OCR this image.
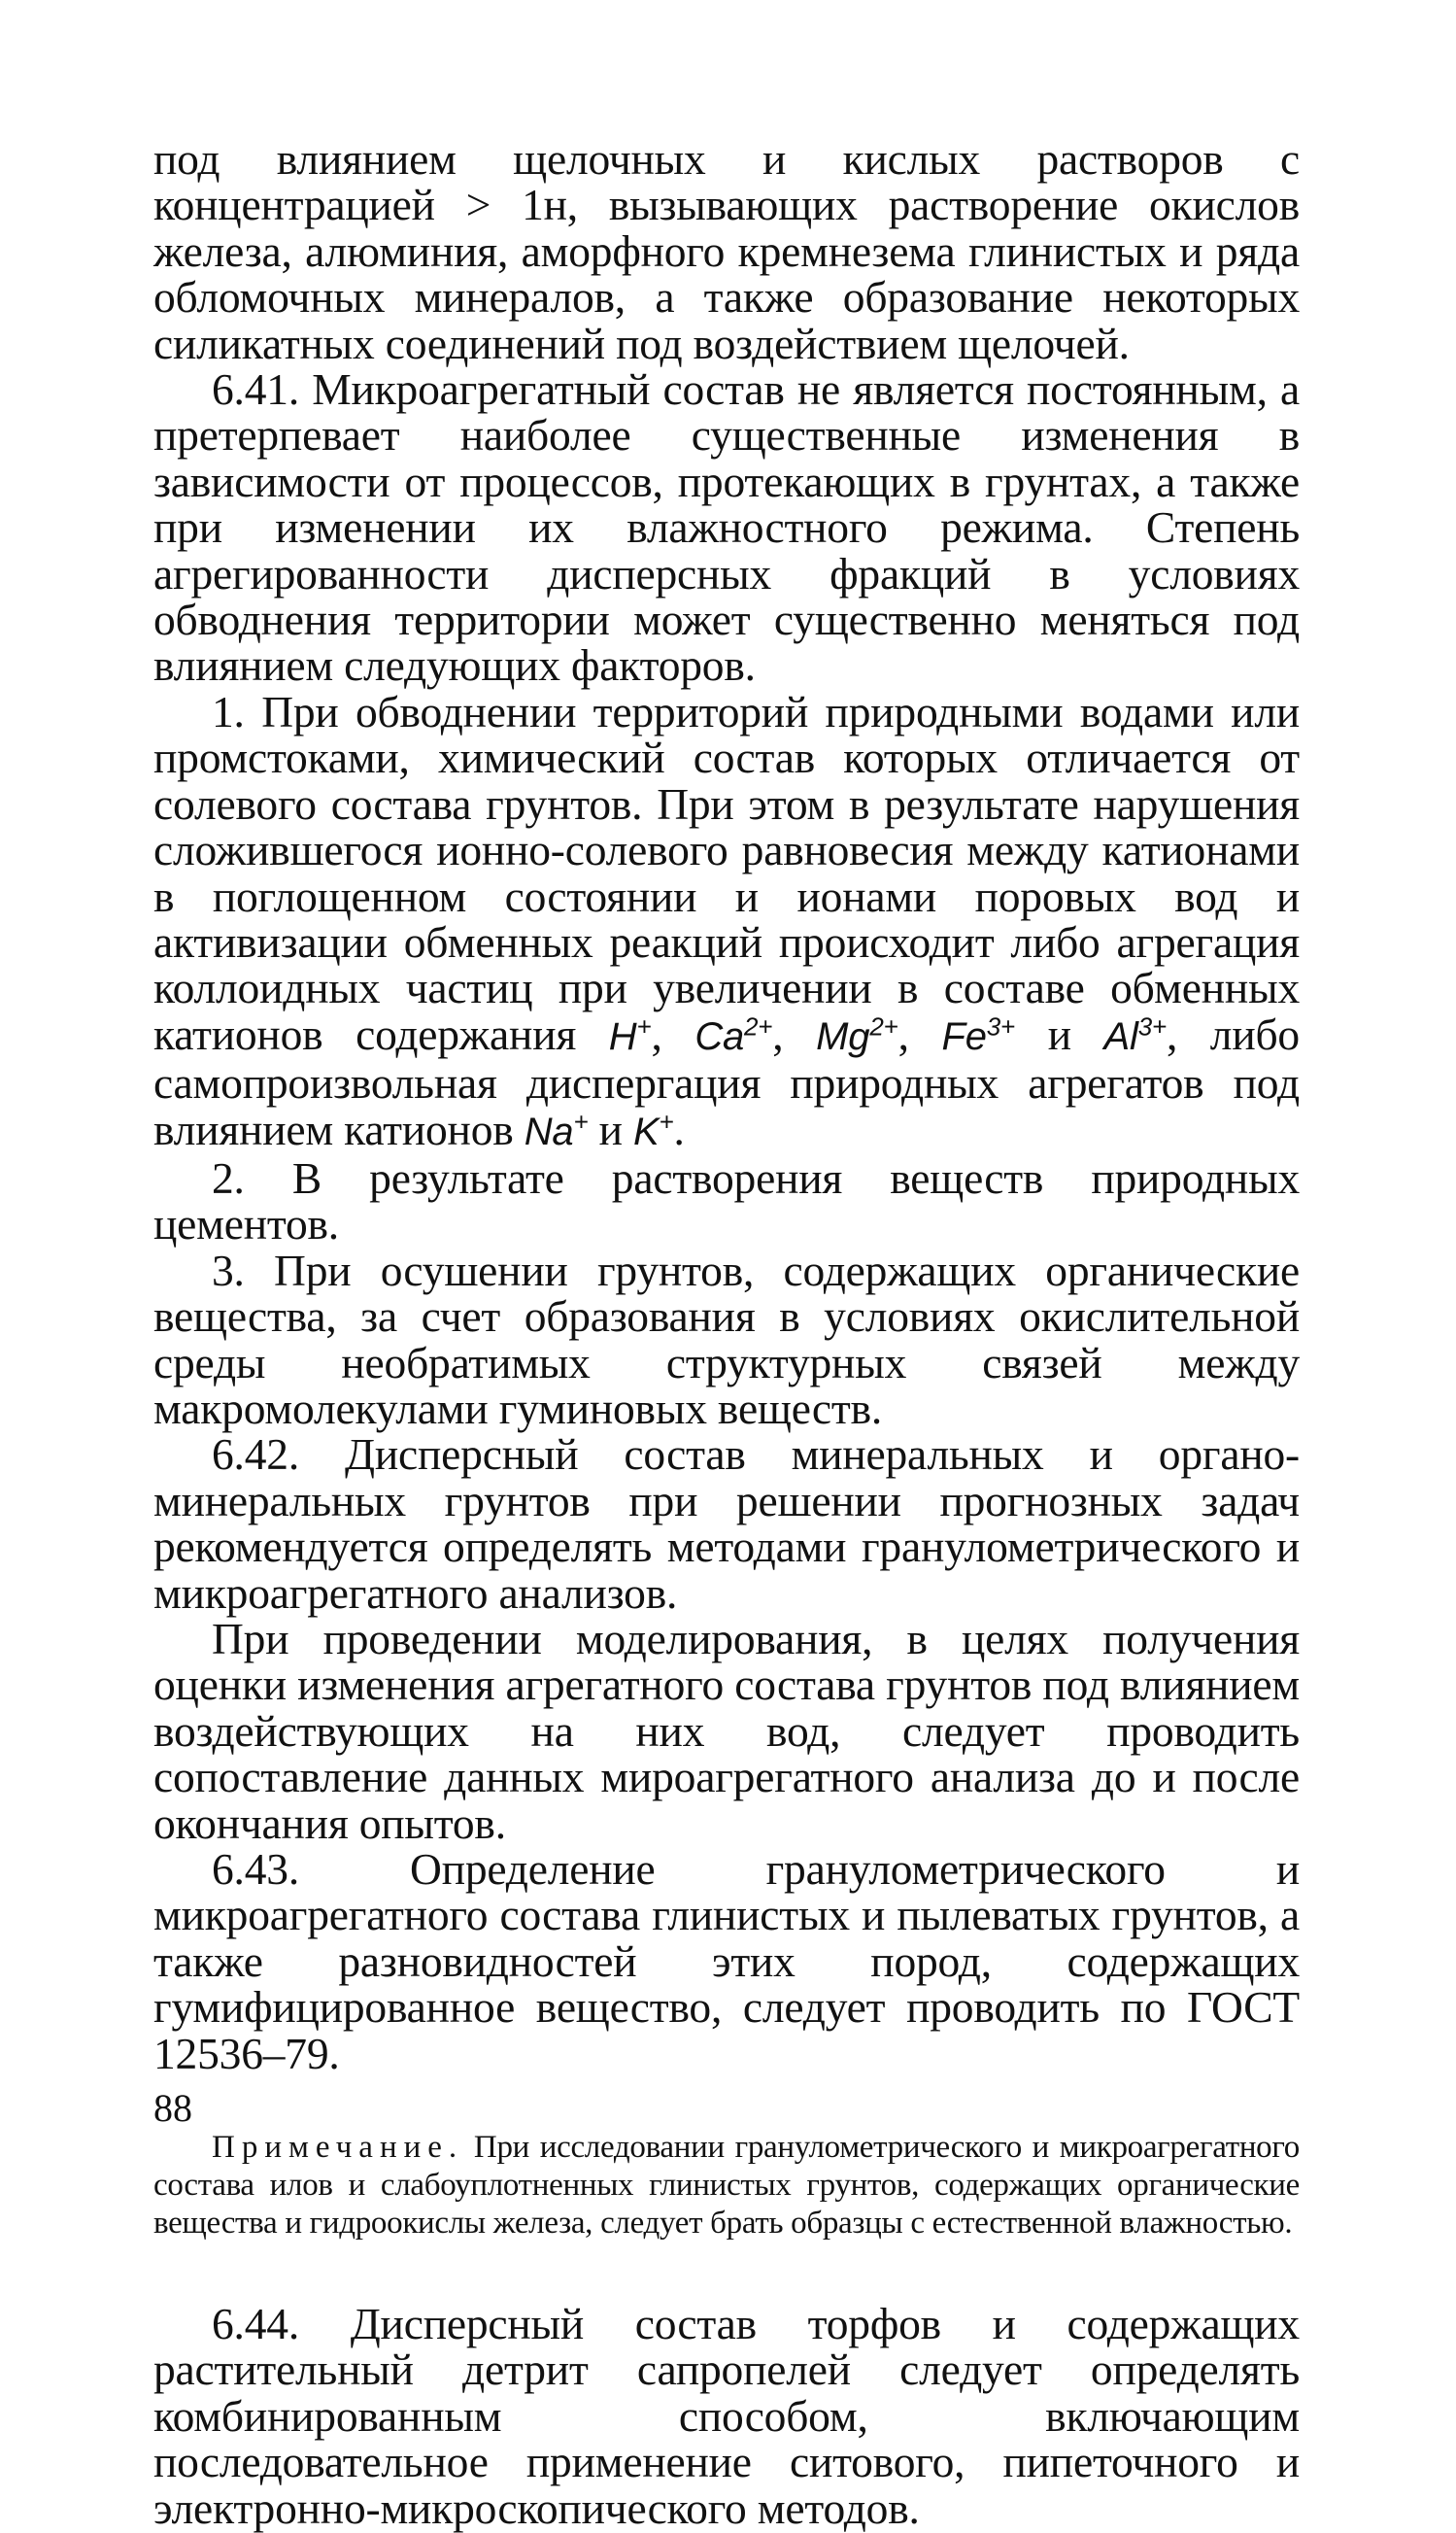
под влиянием щелочных и кислых растворов с концентрацией > 1н, вызывающих растворение окислов железа, алюминия, аморфного кремнезема глинистых и ряда обломочных минералов, а также образование некоторых силикатных соединений под воздействием щелочей.

6.41. Микроагрегатный состав не является постоянным, а претерпевает наиболее существенные изменения в зависимости от процессов, протекающих в грунтах, а также при изменении их влажностного режима. Степень агрегированности дисперсных фракций в условиях обводнения территории может существенно меняться под влиянием следующих факторов.

1. При обводнении территорий природными водами или промстоками, химический состав которых отличается от солевого состава грунтов. При этом в результате нарушения сложившегося ионно-солевого равновесия между катионами в поглощенном состоянии и ионами поровых вод и активизации обменных реакций происходит либо агрегация коллоидных частиц при увеличении в составе обменных катионов содержания H+, $Ca^{2+}$, $Mg^{2+}$, $Fe^{3+}$ и $Al^{3+}$, либо самопроизвольная диспергация природных агрегатов под влиянием катионов Na+ и K+.

2. В результате растворения веществ природных цементов.

3. При осушении грунтов, содержащих органические вещества, за счет образования в условиях окислительной среды необратимых структурных связей между макромолекулами гуминовых веществ.

6.42. Дисперсный состав минеральных и органо-минеральных грунтов при решении прогнозных задач рекомендуется определять методами гранулометрического и микроагрегатного анализов.

При проведении моделирования, в целях получения оценки изменения агрегатного состава грунтов под влиянием воздействующих на них вод, следует проводить сопоставление данных мироагрегатного анализа до и после окончания опытов.

6.43.	Определение гранулометрического и микроагрегатного состава глинистых и пылеватых грунтов, а также разновидностей этих пород, содержащих гумифицированное вещество, следует проводить по ГОСТ 12536–79.

Примечание. При исследовании гранулометрического и микроагрегатного состава илов и слабоуплотненных глинистых грунтов, содержащих органические вещества и гидроокислы железа, следует брать образцы с естественной влажностью.

6.44. Дисперсный состав торфов и содержащих растительный детрит сапропелей следует определять комбинированным способом, включающим последовательное применение ситового, пипеточного и электронно-микроскопического методов.

88
